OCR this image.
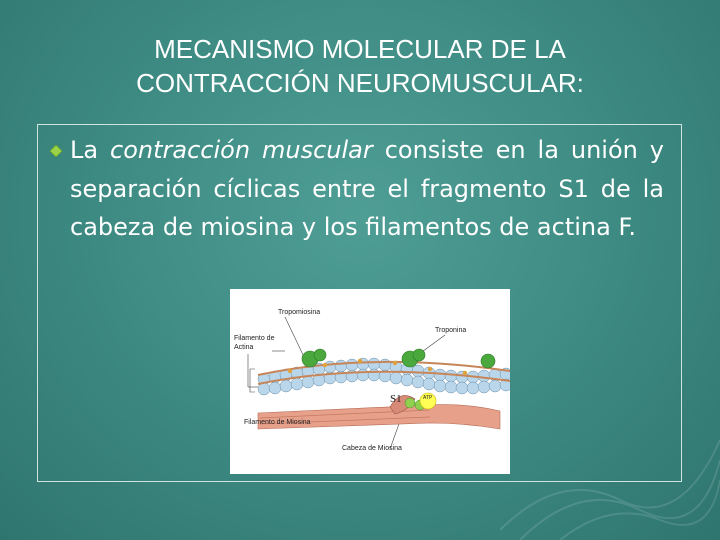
MECANISMO MOLECULAR DE LA
CONTRACCIÓN NEUROMUSCULAR:
La contracción muscular consiste en la unión y separación cíclicas entre el fragmento S1 de la cabeza de miosina y los filamentos de actina F.
Tropomiosina
Troponina
Filamento de
Actina
Filamento de Miosina
Cabeza de Miosina
S1	ATP
